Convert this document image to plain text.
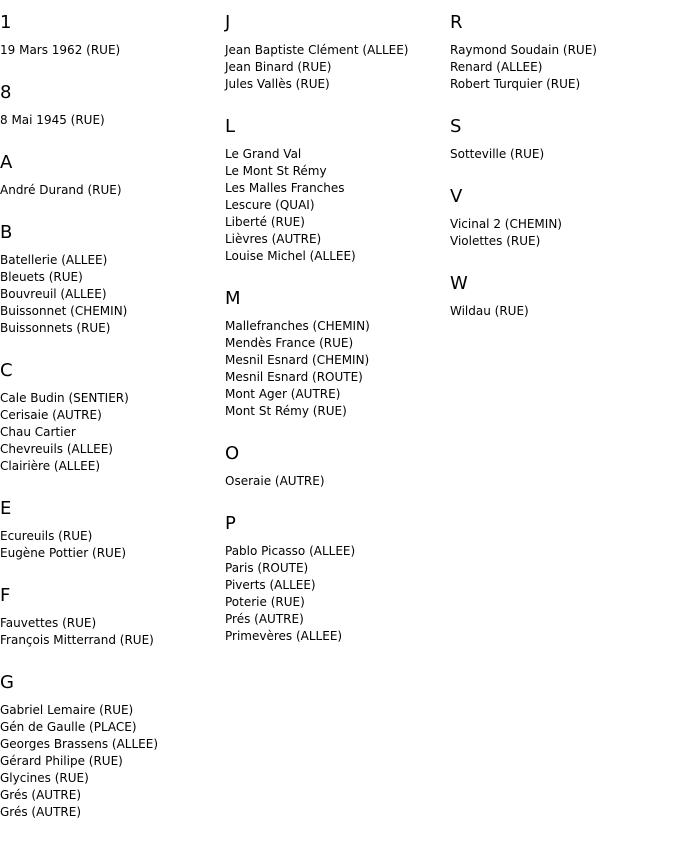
1
19 Mars 1962 (RUE)
8
8 Mai 1945 (RUE)
A
André Durand (RUE)
B
Batellerie (ALLEE)
Bleuets (RUE)
Bouvreuil (ALLEE)
Buissonnet (CHEMIN)
Buissonnets (RUE)
C
Cale Budin (SENTIER)
Cerisaie (AUTRE)
Chau Cartier
Chevreuils (ALLEE)
Clairière (ALLEE)
E
Ecureuils (RUE)
Eugène Pottier (RUE)
F
Fauvettes (RUE)
François Mitterrand (RUE)
G
Gabriel Lemaire (RUE)
Gén de Gaulle (PLACE)
Georges Brassens (ALLEE)
Gérard Philipe (RUE)
Glycines (RUE)
Grés (AUTRE)
Grés (AUTRE)
J
Jean Baptiste Clément (ALLEE)
Jean Binard (RUE)
Jules Vallès (RUE)
L
Le Grand Val
Le Mont St Rémy
Les Malles Franches
Lescure (QUAI)
Liberté (RUE)
Lièvres (AUTRE)
Louise Michel (ALLEE)
M
Mallefranches (CHEMIN)
Mendès France (RUE)
Mesnil Esnard (CHEMIN)
Mesnil Esnard (ROUTE)
Mont Ager (AUTRE)
Mont St Rémy (RUE)
O
Oseraie (AUTRE)
P
Pablo Picasso (ALLEE)
Paris (ROUTE)
Piverts (ALLEE)
Poterie (RUE)
Prés (AUTRE)
Primevères (ALLEE)
R
Raymond Soudain (RUE)
Renard (ALLEE)
Robert Turquier (RUE)
S
Sotteville (RUE)
V
Vicinal 2 (CHEMIN)
Violettes (RUE)
W
Wildau (RUE)
